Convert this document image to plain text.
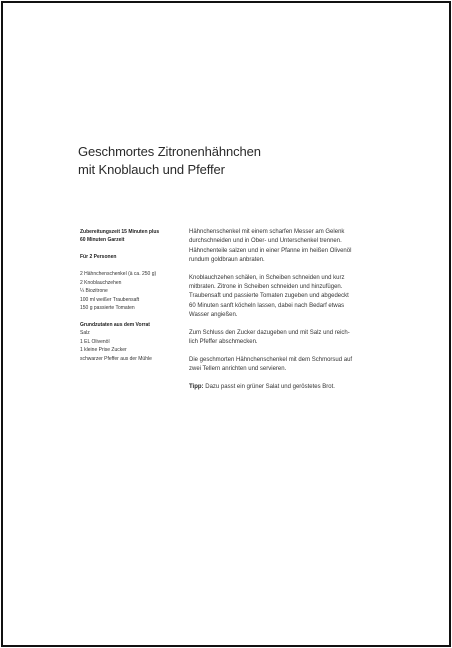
Geschmortes Zitronenhähnchen
mit Knoblauch und Pfeffer
Zubereitungszeit 15 Minuten plus
60 Minuten Garzeit
Für 2 Personen
2 Hähnchenschenkel (à ca. 250 g)
2 Knoblauchzehen
¼ Biozitrone
100 ml weißer Traubensaft
150 g passierte Tomaten
Grundzutaten aus dem Vorrat
Salz
1 EL Olivenöl
1 kleine Prise Zucker
schwarzer Pfeffer aus der Mühle

Hähnchenschenkel mit einem scharfen Messer am Gelenk
durchschneiden und in Ober- und Unterschenkel trennen.
Hähnchenteile salzen und in einer Pfanne im heißen Olivenöl
rundum goldbraun anbraten.

Knoblauchzehen schälen, in Scheiben schneiden und kurz
mitbraten. Zitrone in Scheiben schneiden und hinzufügen.
Traubensaft und passierte Tomaten zugeben und abgedeckt
60 Minuten sanft köcheln lassen, dabei nach Bedarf etwas
Wasser angießen.

Zum Schluss den Zucker dazugeben und mit Salz und reich-
lich Pfeffer abschmecken.

Die geschmorten Hähnchenschenkel mit dem Schmorsud auf
zwei Tellern anrichten und servieren.

Tipp: Dazu passt ein grüner Salat und geröstetes Brot.
